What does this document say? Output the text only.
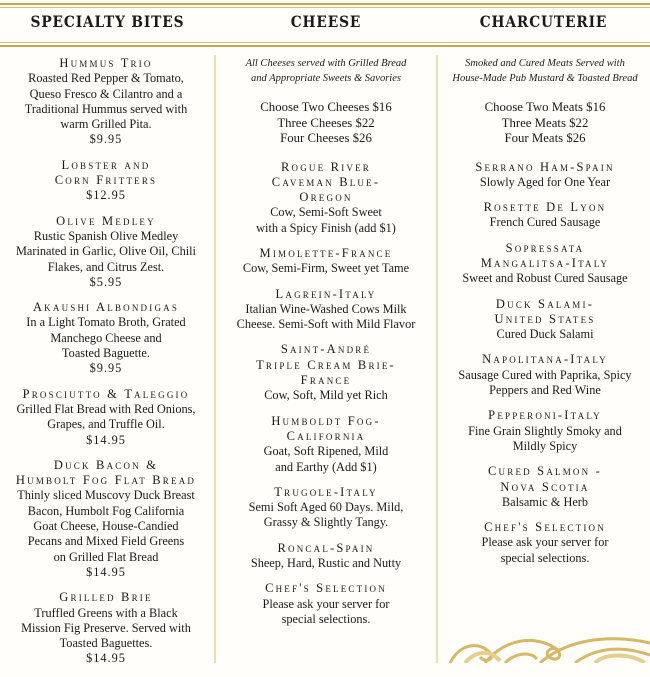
SPECIALTY BITES	CHEESE	CHARCUTERIE
Hummus Trio
Roasted Red Pepper & Tomato,
Queso Fresco & Cilantro and a
Traditional Hummus served with
warm Grilled Pita.
$9.95
Lobster and
Corn Fritters
$12.95
Olive Medley
Rustic Spanish Olive Medley
Marinated in Garlic, Olive Oil, Chili
Flakes, and Citrus Zest.
$5.95
Akaushi Albondigas
In a Light Tomato Broth, Grated
Manchego Cheese and
Toasted Baguette.
$9.95
Prosciutto & Taleggio
Grilled Flat Bread with Red Onions,
Grapes, and Truffle Oil.
$14.95
Duck Bacon &
Humbolt Fog Flat Bread
Thinly sliced Muscovy Duck Breast
Bacon, Humbolt Fog California
Goat Cheese, House-Candied
Pecans and Mixed Field Greens
on Grilled Flat Bread
$14.95
Grilled Brie
Truffled Greens with a Black
Mission Fig Preserve. Served with
Toasted Baguettes.
$14.95
All Cheeses served with Grilled Bread
and Appropriate Sweets & Savories
Choose Two Cheeses $16
Three Cheeses $22
Four Cheeses $26
Rogue River
Caveman Blue-
Oregon
Cow, Semi-Soft Sweet
with a Spicy Finish (add $1)
Mimolette-France
Cow, Semi-Firm, Sweet yet Tame
Lagrein-Italy
Italian Wine-Washed Cows Milk
Cheese. Semi-Soft with Mild Flavor
Saint-André
Triple Cream Brie-
France
Cow, Soft, Mild yet Rich
Humboldt Fog-
California
Goat, Soft Ripened, Mild
and Earthy (Add $1)
Trugole-Italy
Semi Soft Aged 60 Days. Mild,
Grassy & Slightly Tangy.
Roncal-Spain
Sheep, Hard, Rustic and Nutty
Chef's Selection
Please ask your server for
special selections.
Smoked and Cured Meats Served with
House-Made Pub Mustard & Toasted Bread
Choose Two Meats $16
Three Meats $22
Four Meats $26
Serrano Ham-Spain
Slowly Aged for One Year
Rosette De Lyon
French Cured Sausage
Sopressata
Mangalitsa-Italy
Sweet and Robust Cured Sausage
Duck Salami-
United States
Cured Duck Salami
Napolitana-Italy
Sausage Cured with Paprika, Spicy
Peppers and Red Wine
Pepperoni-Italy
Fine Grain Slightly Smoky and
Mildly Spicy
Cured Salmon -
Nova Scotia
Balsamic & Herb
Chef's Selection
Please ask your server for
special selections.
